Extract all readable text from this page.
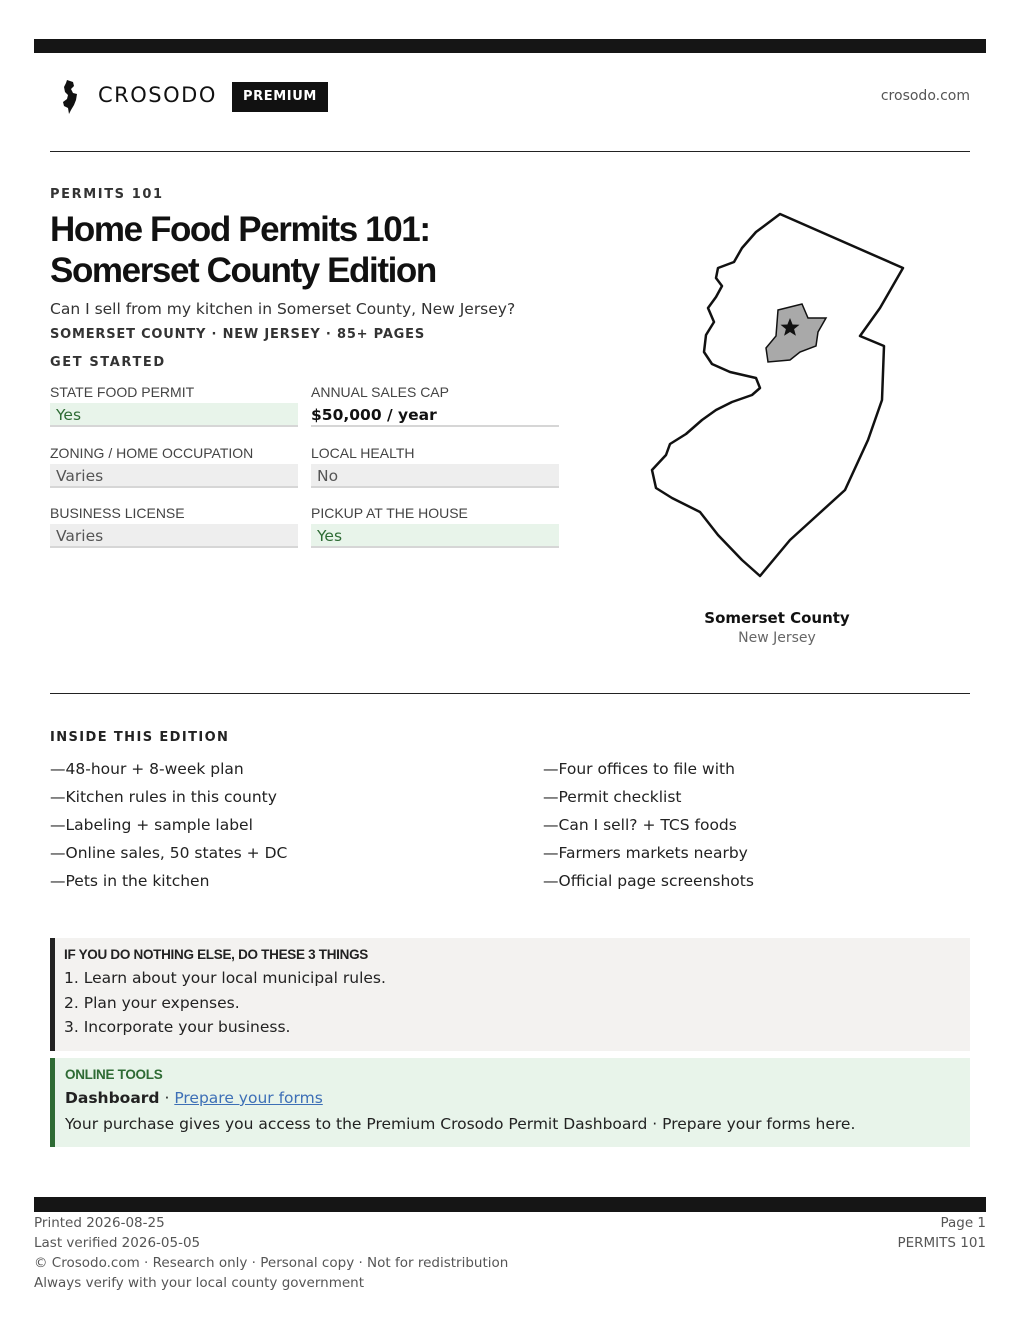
CROSODO	PREMIUM	crosodo.com
PERMITS 101
Home Food Permits 101:
Somerset County Edition
Can I sell from my kitchen in Somerset County, New Jersey?
SOMERSET COUNTY · NEW JERSEY · 85+ PAGES
GET STARTED
STATE FOOD PERMIT
Yes
ANNUAL SALES CAP
$50,000 / year
ZONING / HOME OCCUPATION
Varies
LOCAL HEALTH
No
BUSINESS LICENSE
Varies
PICKUP AT THE HOUSE
Yes
Somerset County
New Jersey
INSIDE THIS EDITION
—48-hour + 8-week plan
—Kitchen rules in this county
—Labeling + sample label
—Online sales, 50 states + DC
—Pets in the kitchen
—Four offices to file with
—Permit checklist
—Can I sell? + TCS foods
—Farmers markets nearby
—Official page screenshots
IF YOU DO NOTHING ELSE, DO THESE 3 THINGS
1. Learn about your local municipal rules.
2. Plan your expenses.
3. Incorporate your business.
ONLINE TOOLS
Dashboard · Prepare your forms
Your purchase gives you access to the Premium Crosodo Permit Dashboard · Prepare your forms here.
Printed 2026-08-25
Last verified 2026-05-05
© Crosodo.com · Research only · Personal copy · Not for redistribution
Always verify with your local county government
Page 1
PERMITS 101
